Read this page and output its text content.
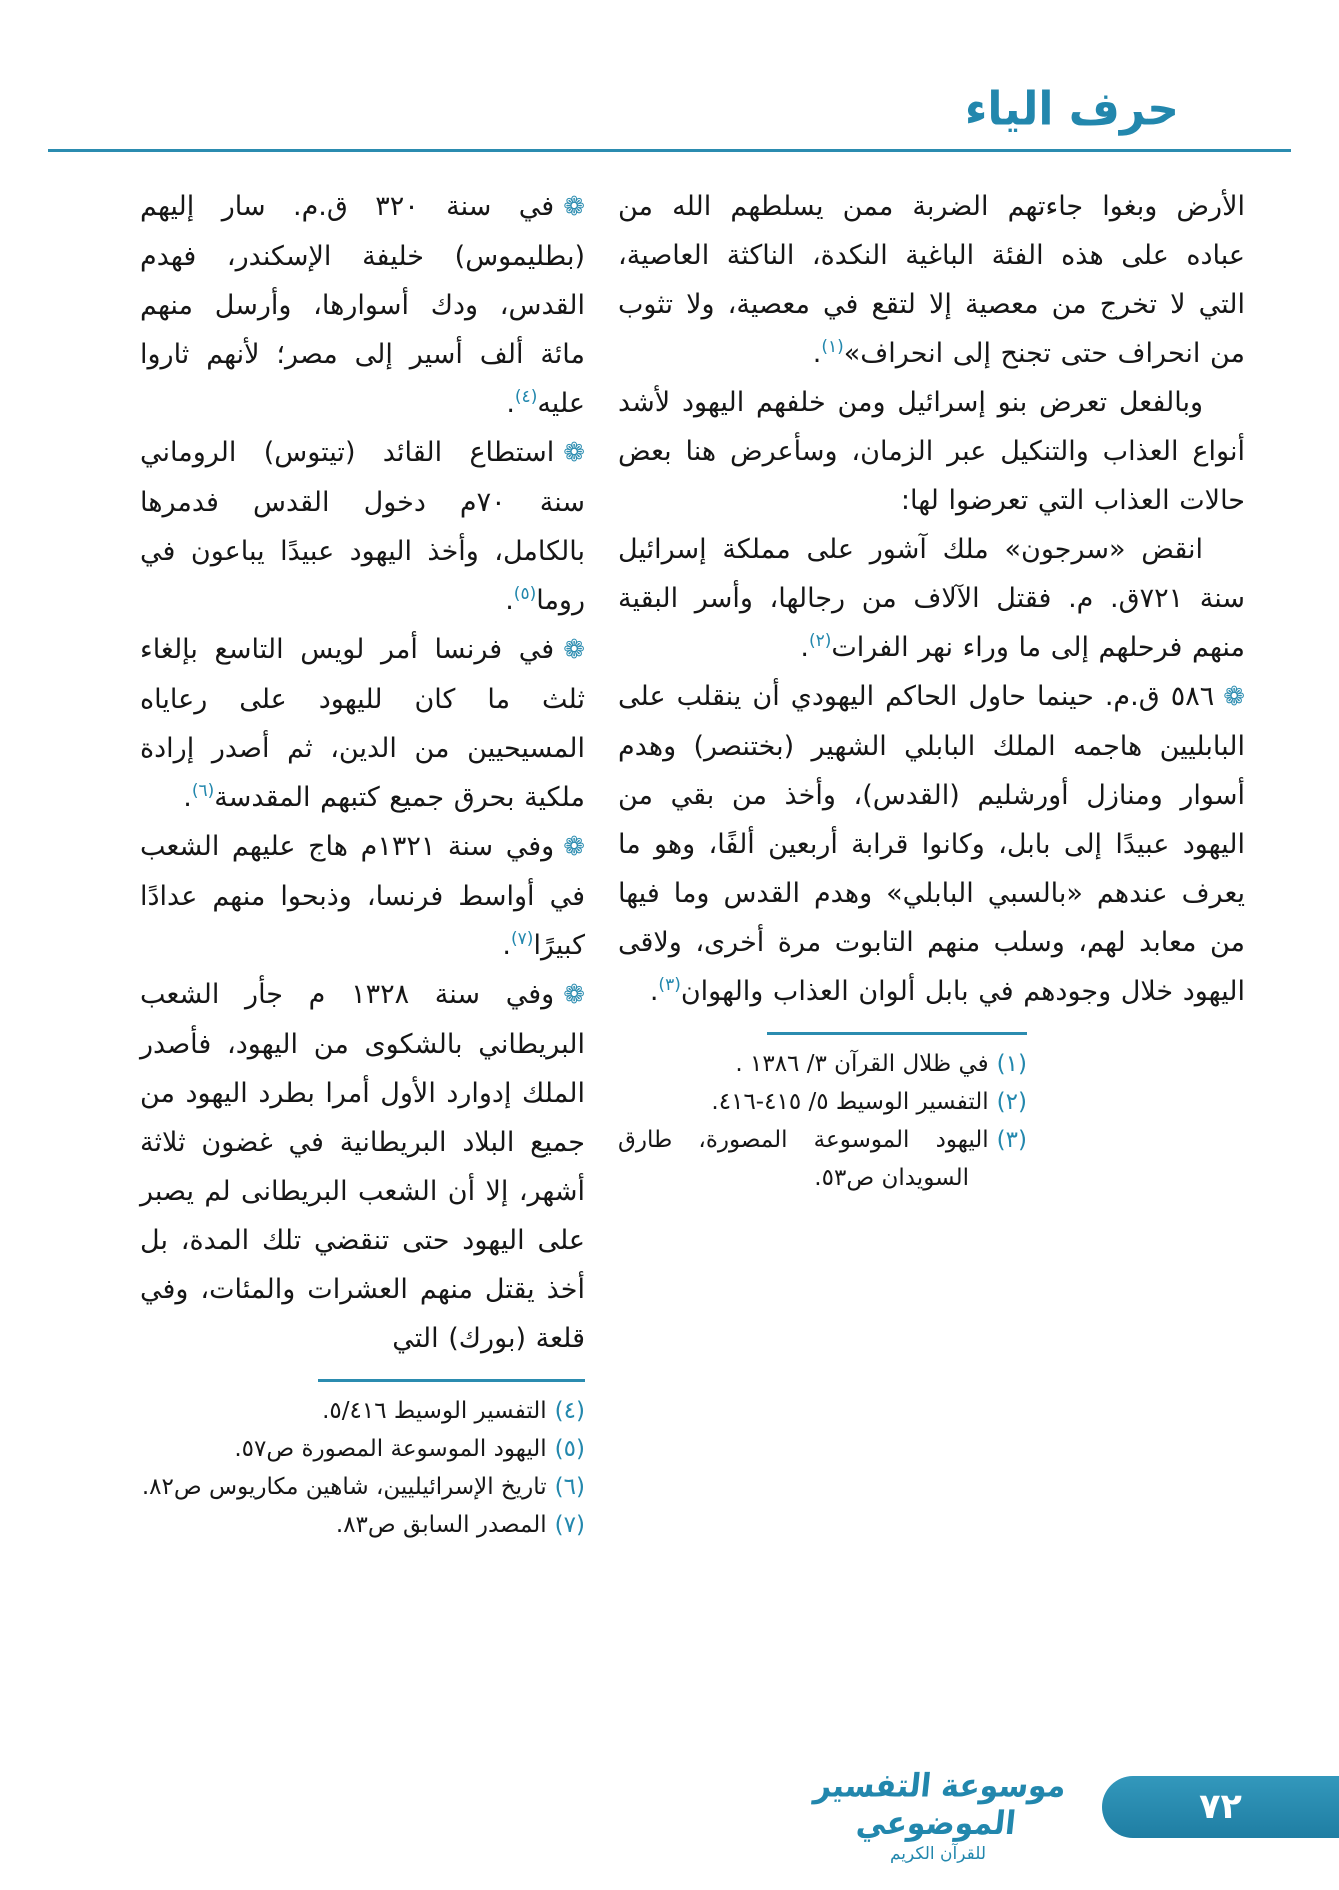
حرف الياء

الأرض وبغوا جاءتهم الضربة ممن يسلطهم الله من عباده على هذه الفئة الباغية النكدة، الناكثة العاصية، التي لا تخرج من معصية إلا لتقع في معصية، ولا تثوب من انحراف حتى تجنح إلى انحراف»$^{(١)}$.

وبالفعل تعرض بنو إسرائيل ومن خلفهم اليهود لأشد أنواع العذاب والتنكيل عبر الزمان، وسأعرض هنا بعض حالات العذاب التي تعرضوا لها:

انقض «سرجون» ملك آشور على مملكة إسرائيل سنة ٧٢١ق. م. فقتل الآلاف من رجالها، وأسر البقية منهم فرحلهم إلى ما وراء نهر الفرات$^{(٢)}$.

❁٥٨٦ ق.م. حينما حاول الحاكم اليهودي أن ينقلب على البابليين هاجمه الملك البابلي الشهير (بختنصر) وهدم أسوار ومنازل أورشليم (القدس)، وأخذ من بقي من اليهود عبيدًا إلى بابل، وكانوا قرابة أربعين ألفًا، وهو ما يعرف عندهم «بالسبي البابلي» وهدم القدس وما فيها من معابد لهم، وسلب منهم التابوت مرة أخرى، ولاقى اليهود خلال وجودهم في بابل ألوان العذاب والهوان$^{(٣)}$.

(١)في ظلال القرآن ٣/ ١٣٨٦ .
(٢)التفسير الوسيط ٥/ ٤١٥-٤١٦.
(٣)اليهود الموسوعة المصورة، طارق السويدان ص٥٣.

❁في سنة ٣٢٠ ق.م. سار إليهم (بطليموس) خليفة الإسكندر، فهدم القدس، ودك أسوارها، وأرسل منهم مائة ألف أسير إلى مصر؛ لأنهم ثاروا عليه$^{(٤)}$.

❁استطاع القائد (تيتوس) الروماني سنة ٧٠م دخول القدس فدمرها بالكامل، وأخذ اليهود عبيدًا يباعون في روما$^{(٥)}$.

❁في فرنسا أمر لويس التاسع بإلغاء ثلث ما كان لليهود على رعاياه المسيحيين من الدين، ثم أصدر إرادة ملكية بحرق جميع كتبهم المقدسة$^{(٦)}$.

❁وفي سنة ١٣٢١م هاج عليهم الشعب في أواسط فرنسا، وذبحوا منهم عدادًا كبيرًا$^{(٧)}$.

❁وفي سنة ١٣٢٨ م جأر الشعب البريطاني بالشكوى من اليهود، فأصدر الملك إدوارد الأول أمرا بطرد اليهود من جميع البلاد البريطانية في غضون ثلاثة أشهر، إلا أن الشعب البريطانى لم يصبر على اليهود حتى تنقضي تلك المدة، بل أخذ يقتل منهم العشرات والمئات، وفي قلعة (بورك) التي

(٤)التفسير الوسيط ٥/٤١٦.
(٥)اليهود الموسوعة المصورة ص٥٧.
(٦)تاريخ الإسرائيليين، شاهين مكاريوس ص٨٢.
(٧)المصدر السابق ص٨٣.
موسوعة التفسير الموضوعي
للقرآن الكريم
٧٢
